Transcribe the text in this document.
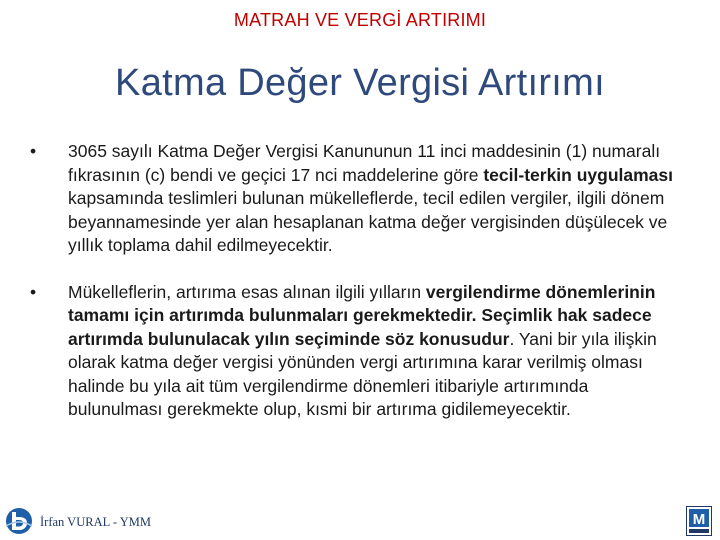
MATRAH VE VERGİ ARTIRIMI
Katma Değer Vergisi Artırımı
•	3065 sayılı Katma Değer Vergisi Kanununun 11 inci maddesinin (1) numaralı fıkrasının (c) bendi ve geçici 17 nci maddelerine göre tecil-terkin uygulaması kapsamında teslimleri bulunan mükelleflerde, tecil edilen vergiler, ilgili dönem beyannamesinde yer alan hesaplanan katma değer vergisinden düşülecek ve yıllık toplama dahil edilmeyecektir.
•	Mükelleflerin, artırıma esas alınan ilgili yılların vergilendirme dönemlerinin tamamı için artırımda bulunmaları gerekmektedir. Seçimlik hak sadece artırımda bulunulacak yılın seçiminde söz konusudur. Yani bir yıla ilişkin olarak katma değer vergisi yönünden vergi artırımına karar verilmiş olması halinde bu yıla ait tüm vergilendirme dönemleri itibariyle artırımında bulunulması gerekmekte olup, kısmi bir artırıma gidilemeyecektir.
İrfan VURAL - YMM	M
